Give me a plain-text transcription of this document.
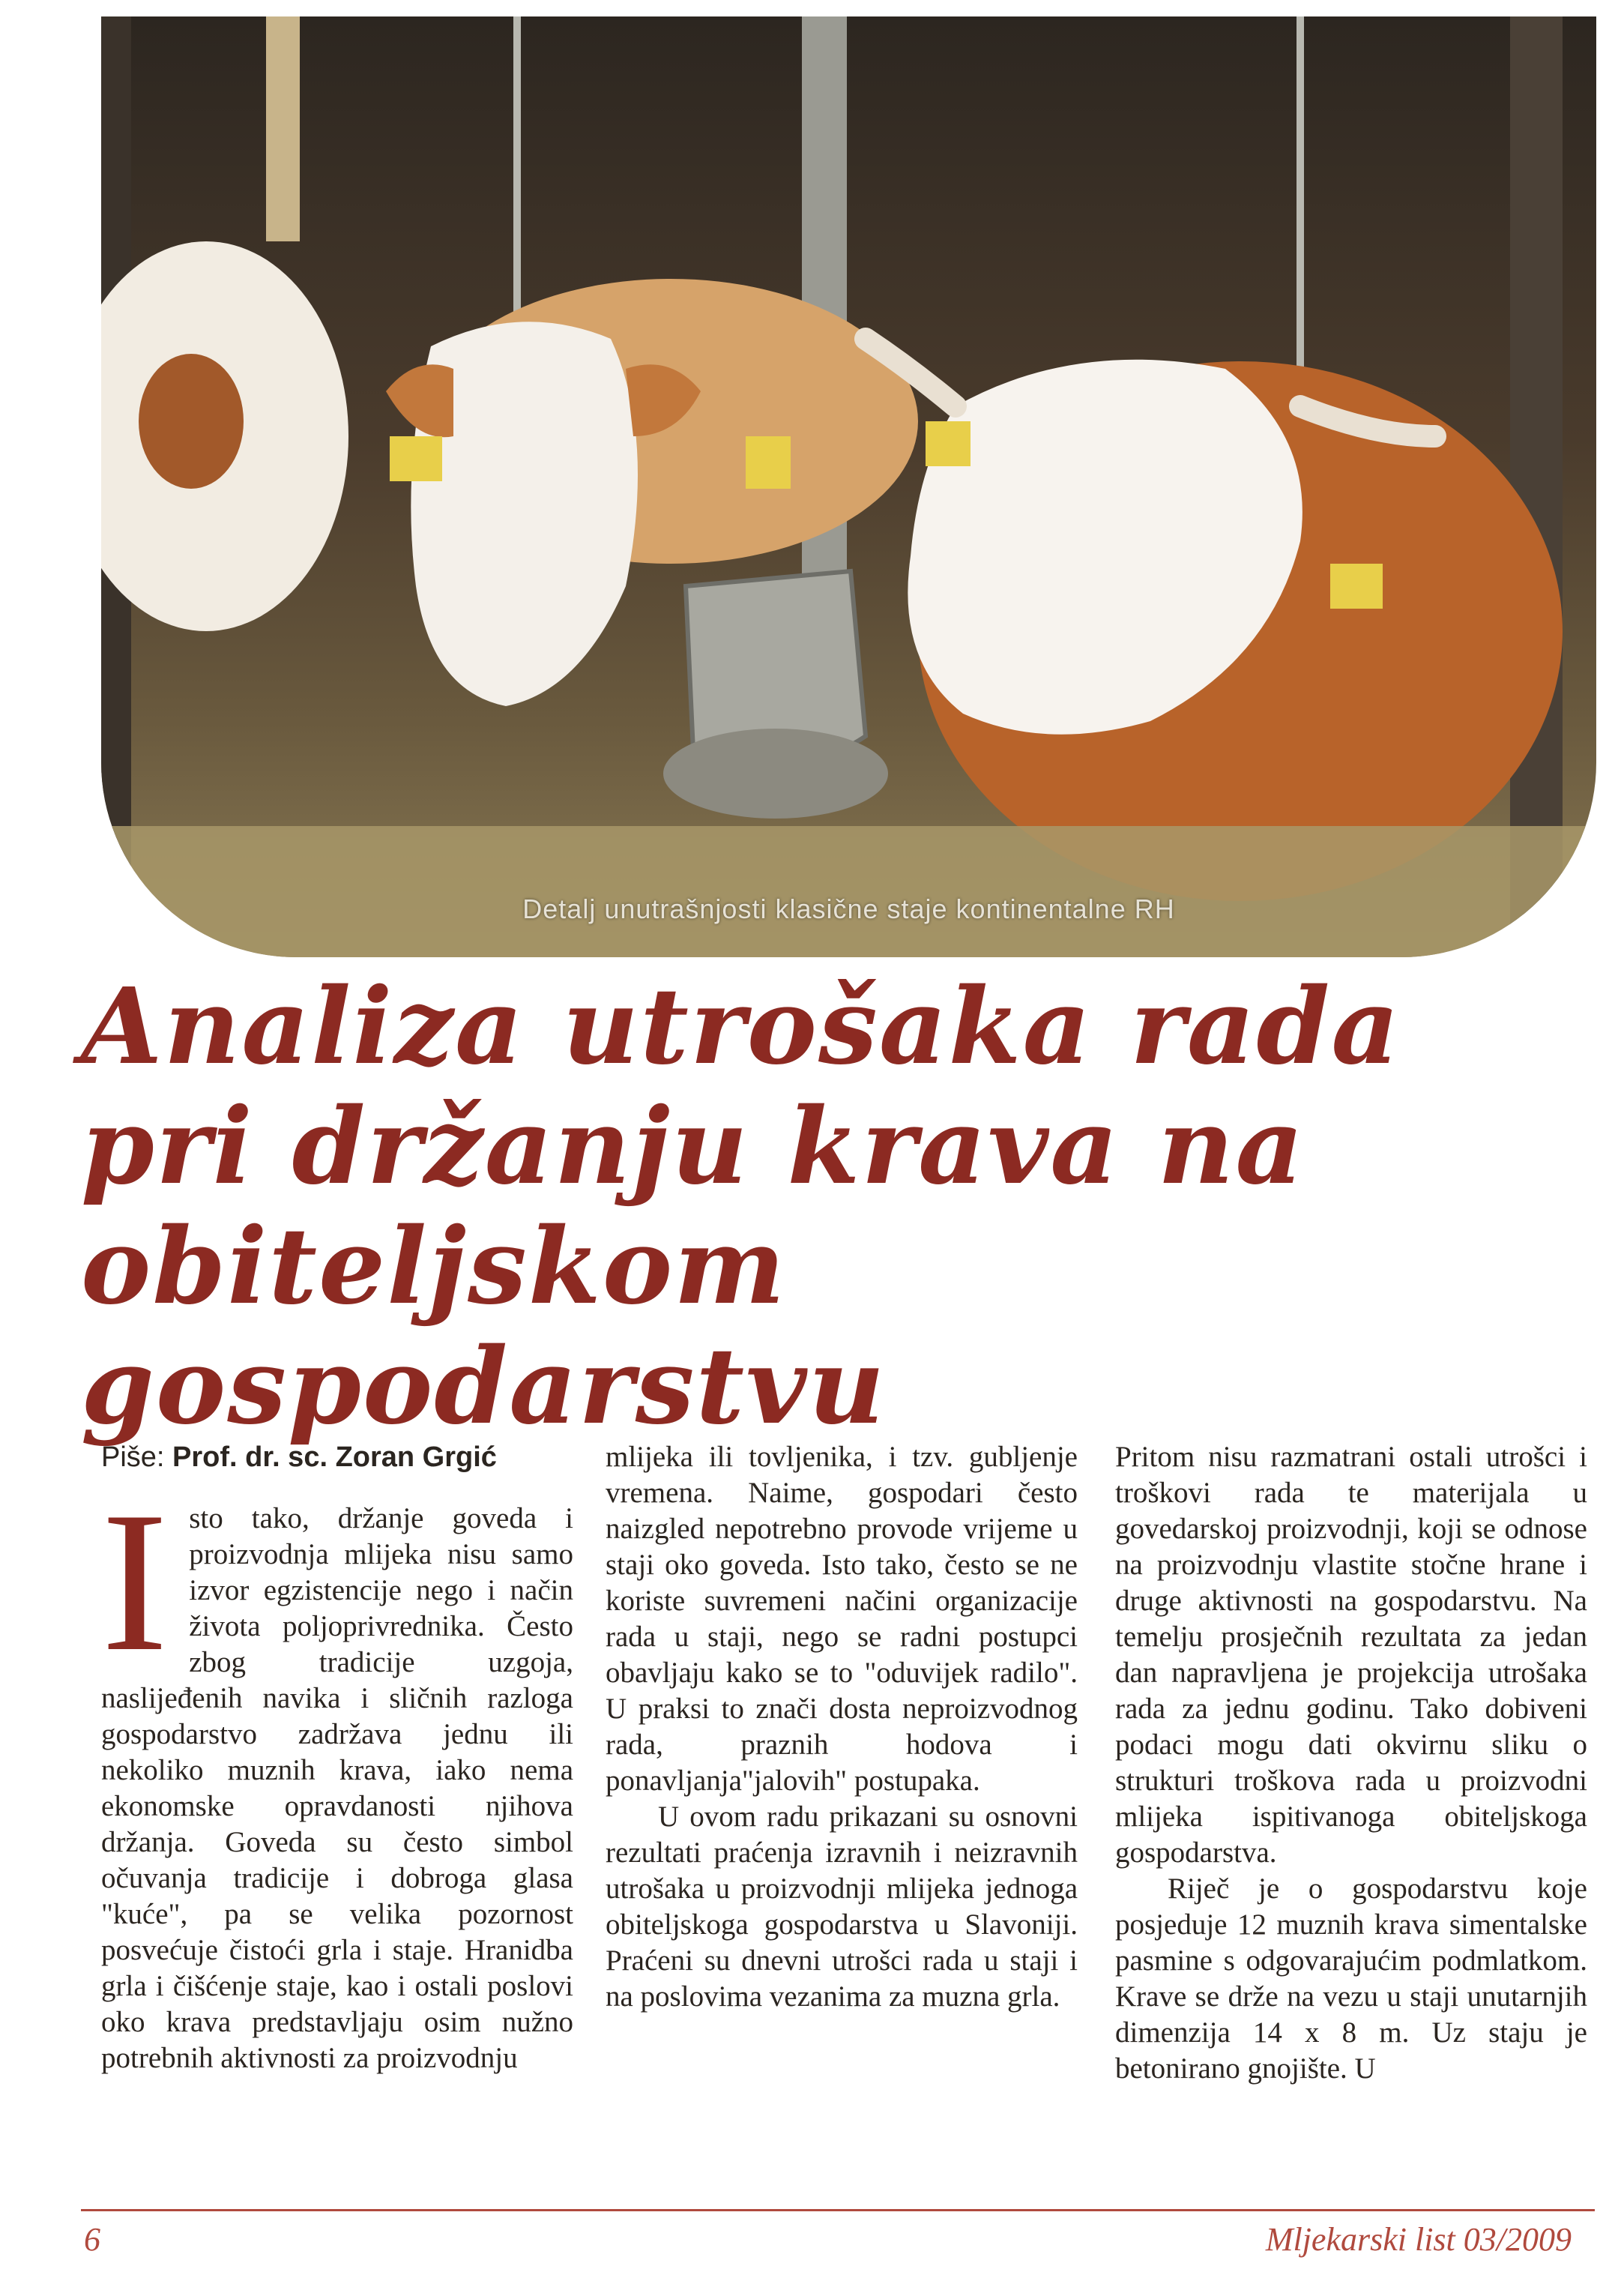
Detalj unutrašnjosti klasične staje kontinentalne RH
Analiza utrošaka rada
pri držanju krava na
obiteljskom gospodarstvu

Piše: Prof. dr. sc. Zoran Grgić

I sto tako, držanje goveda i proizvodnja mlijeka nisu samo izvor egzistencije nego i način života poljoprivrednika. Često zbog tradicije uzgoja, naslijeđenih navika i sličnih razloga gospodarstvo zadržava jednu ili nekoliko muznih krava, iako nema ekonomske opravdanosti njihova držanja. Goveda su često simbol očuvanja tradicije i dobroga glasa "kuće", pa se velika pozornost posvećuje čistoći grla i staje. Hranidba grla i čišćenje staje, kao i ostali poslovi oko krava predstavljaju osim nužno potrebnih aktivnosti za proizvodnju

mlijeka ili tovljenika, i tzv. gubljenje vremena. Naime, gospodari često naizgled nepotrebno provode vrijeme u staji oko goveda. Isto tako, često se ne koriste suvremeni načini organizacije rada u staji, nego se radni postupci obavljaju kako se to "oduvijek radilo". U praksi to znači dosta neproizvodnog rada, praznih hodova i ponavljanja"jalovih" postupaka.

U ovom radu prikazani su osnovni rezultati praćenja izravnih i neizravnih utrošaka u proizvodnji mlijeka jednoga obiteljskoga gospodarstva u Slavoniji. Praćeni su dnevni utrošci rada u staji i na poslovima vezanima za muzna grla.

Pritom nisu razmatrani ostali utrošci i troškovi rada te materijala u govedarskoj proizvodnji, koji se odnose na proizvodnju vlastite stočne hrane i druge aktivnosti na gospodarstvu. Na temelju prosječnih rezultata za jedan dan napravljena je projekcija utrošaka rada za jednu godinu. Tako dobiveni podaci mogu dati okvirnu sliku o strukturi troškova rada u proizvodni mlijeka ispitivanoga obiteljskoga gospodarstva.

Riječ je o gospodarstvu koje posjeduje 12 muznih krava simentalske pasmine s odgovarajućim podmlatkom. Krave se drže na vezu u staji unutarnjih dimenzija 14 x 8 m. Uz staju je betonirano gnojište. U

6	Mljekarski list 03/2009
